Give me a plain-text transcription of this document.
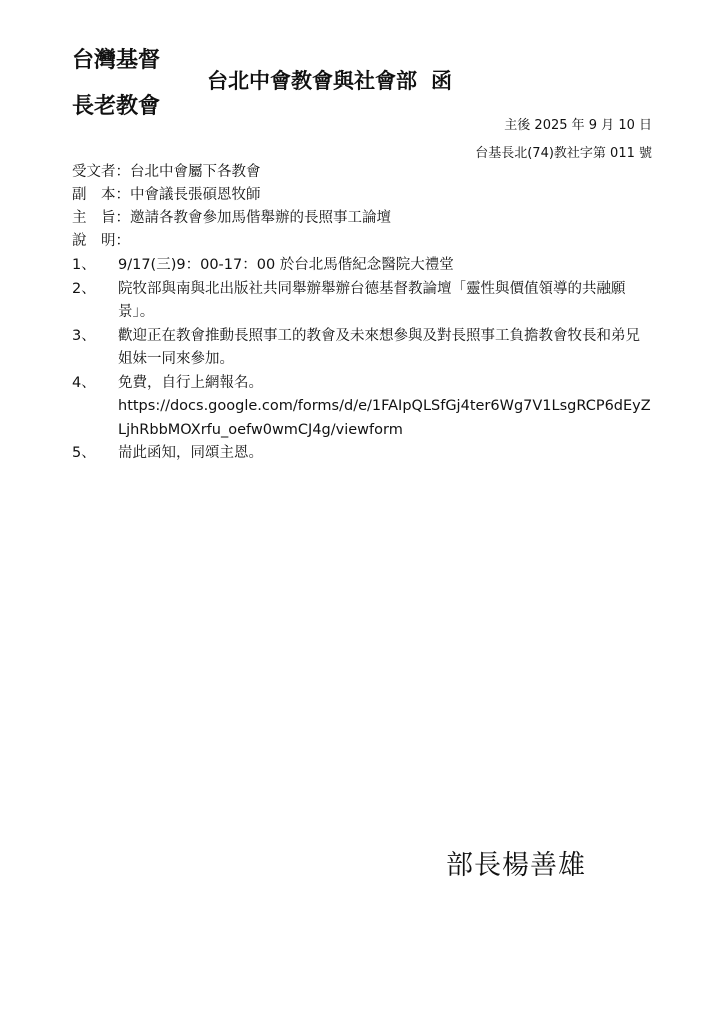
台灣基督
長老教會
台北中會教會與社會部 函
主後 2025 年 9 月 10 日
台基長北(74)教社字第 011 號
受文者 ： 台北中會屬下各教會
副　本 ： 中會議長張碩恩牧師
主　旨 ： 邀請各教會參加馬偕舉辦的長照事工論壇
說　明 ：
1、	9/17(三)9：00-17：00 於台北馬偕紀念醫院大禮堂
2、	院牧部與南與北出版社共同舉辦舉辦台德基督教論壇「靈性與價值領導的共融願景」。
3、	歡迎正在教會推動長照事工的教會及未來想參與及對長照事工負擔教會牧長和弟兄姐妹一同來參加。
4、	免費，自行上網報名。
https://docs.google.com/forms/d/e/1FAIpQLSfGj4ter6Wg7V1LsgRCP6dEyZLjhRbbMOXrfu_oefw0wmCJ4g/viewform
5、	耑此函知，同頌主恩。
部長楊善雄
